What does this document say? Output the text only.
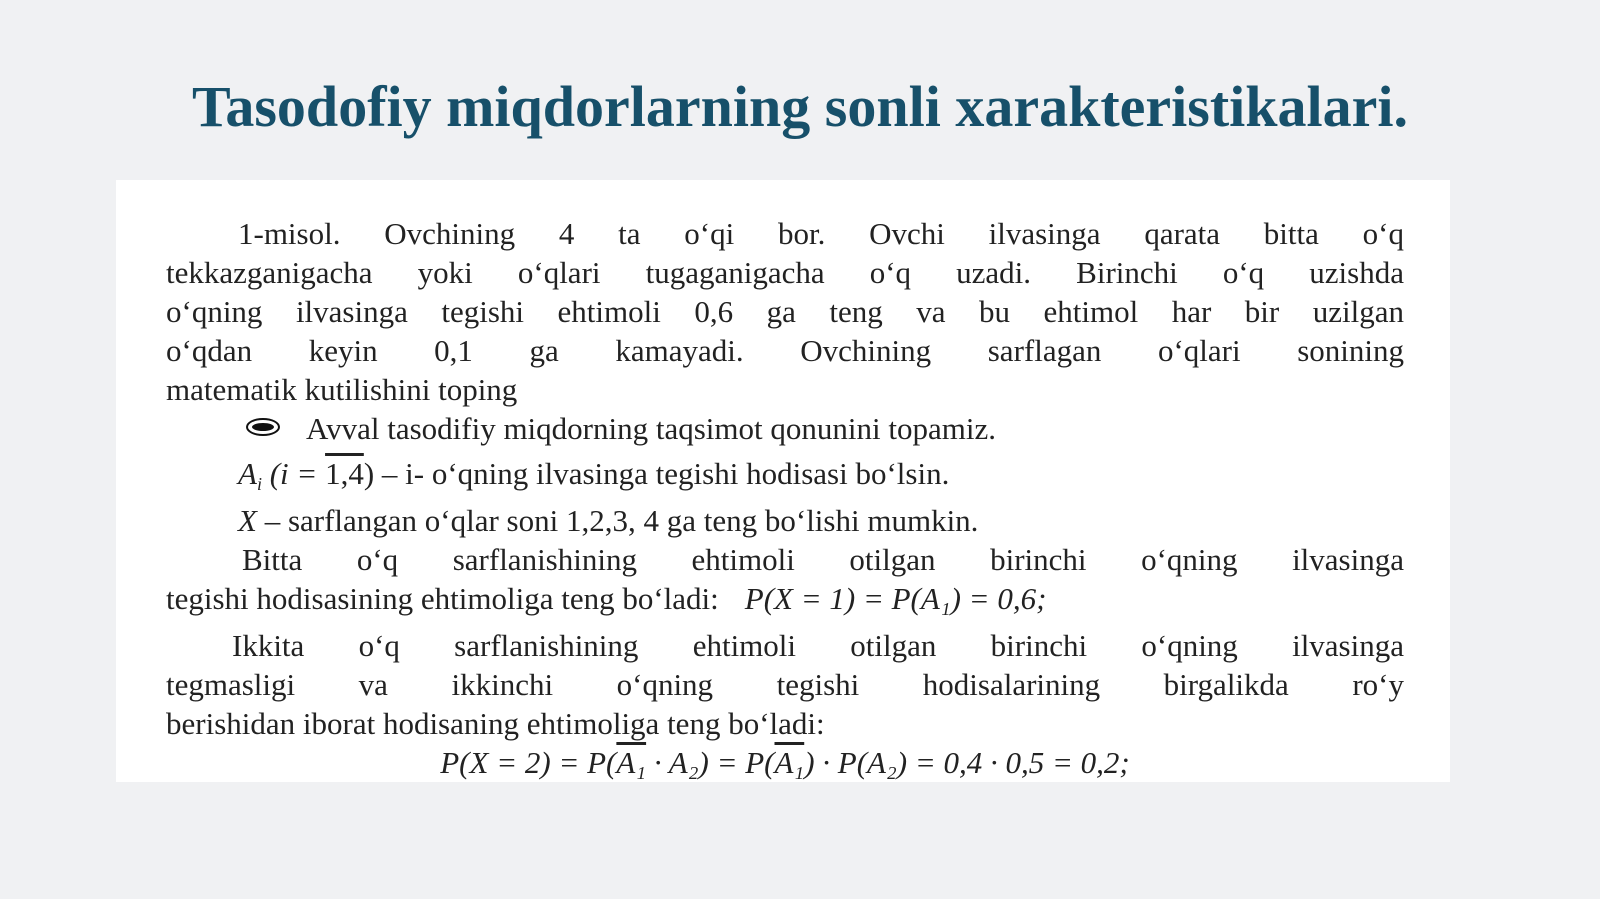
Tasodofiy miqdorlarning sonli xarakteristikalari.
1-misol. Ovchining 4 ta o‘qi bor. Ovchi ilvasinga qarata bitta o‘q
tekkazganigacha yoki o‘qlari tugaganigacha o‘q uzadi. Birinchi o‘q uzishda
o‘qning ilvasinga tegishi ehtimoli 0,6 ga teng va bu ehtimol har bir uzilgan
o‘qdan keyin 0,1 ga kamayadi. Ovchining sarflagan o‘qlari sonining
matematik kutilishini toping
Avval tasodifiy miqdorning taqsimot qonunini topamiz.
$A_i$ (i = 1,4) – i- o‘qning ilvasinga tegishi hodisasi bo‘lsin.
X – sarflangan o‘qlar soni 1,2,3, 4 ga teng bo‘lishi mumkin.
Bitta o‘q sarflanishining ehtimoli otilgan birinchi o‘qning ilvasinga
tegishi hodisasining ehtimoliga teng bo‘ladi: P(X = 1) = P(A₁) = 0,6;
Ikkita o‘q sarflanishining ehtimoli otilgan birinchi o‘qning ilvasinga
tegmasligi va ikkinchi o‘qning tegishi hodisalarining birgalikda ro‘y
berishidan iborat hodisaning ehtimoliga teng bo‘ladi:
P(X = 2) = P(A₁ · A₂) = P(A₁) · P(A₂) = 0,4 · 0,5 = 0,2;
